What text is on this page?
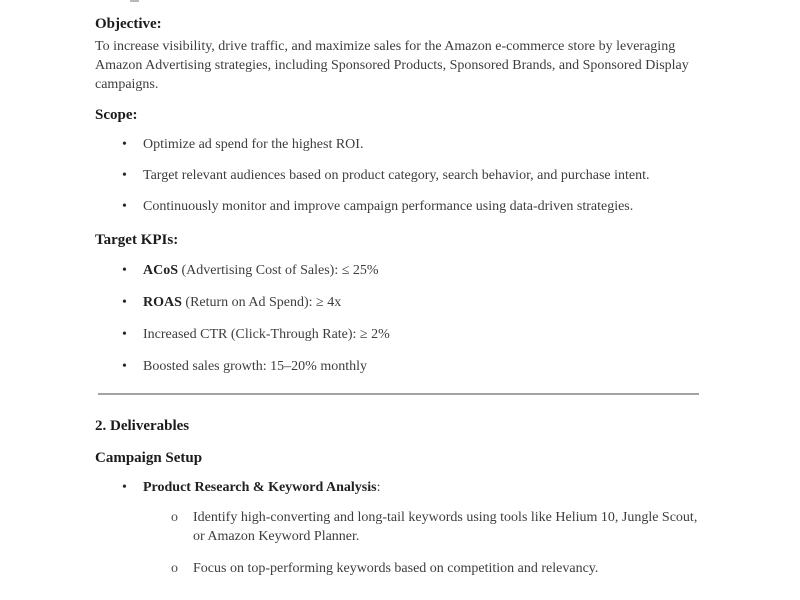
Objective:

To increase visibility, drive traffic, and maximize sales for the Amazon e-commerce store by leveraging Amazon Advertising strategies, including Sponsored Products, Sponsored Brands, and Sponsored Display campaigns.

Scope:

•	Optimize ad spend for the highest ROI.
•	Target relevant audiences based on product category, search behavior, and purchase intent.
•	Continuously monitor and improve campaign performance using data-driven strategies.

Target KPIs:

•	ACoS (Advertising Cost of Sales): ≤ 25%
•	ROAS (Return on Ad Spend): ≥ 4x
•	Increased CTR (Click-Through Rate): ≥ 2%
•	Boosted sales growth: 15–20% monthly

2. Deliverables

Campaign Setup

•	Product Research & Keyword Analysis:
o	Identify high-converting and long-tail keywords using tools like Helium 10, Jungle Scout, or Amazon Keyword Planner.
o	Focus on top-performing keywords based on competition and relevancy.
